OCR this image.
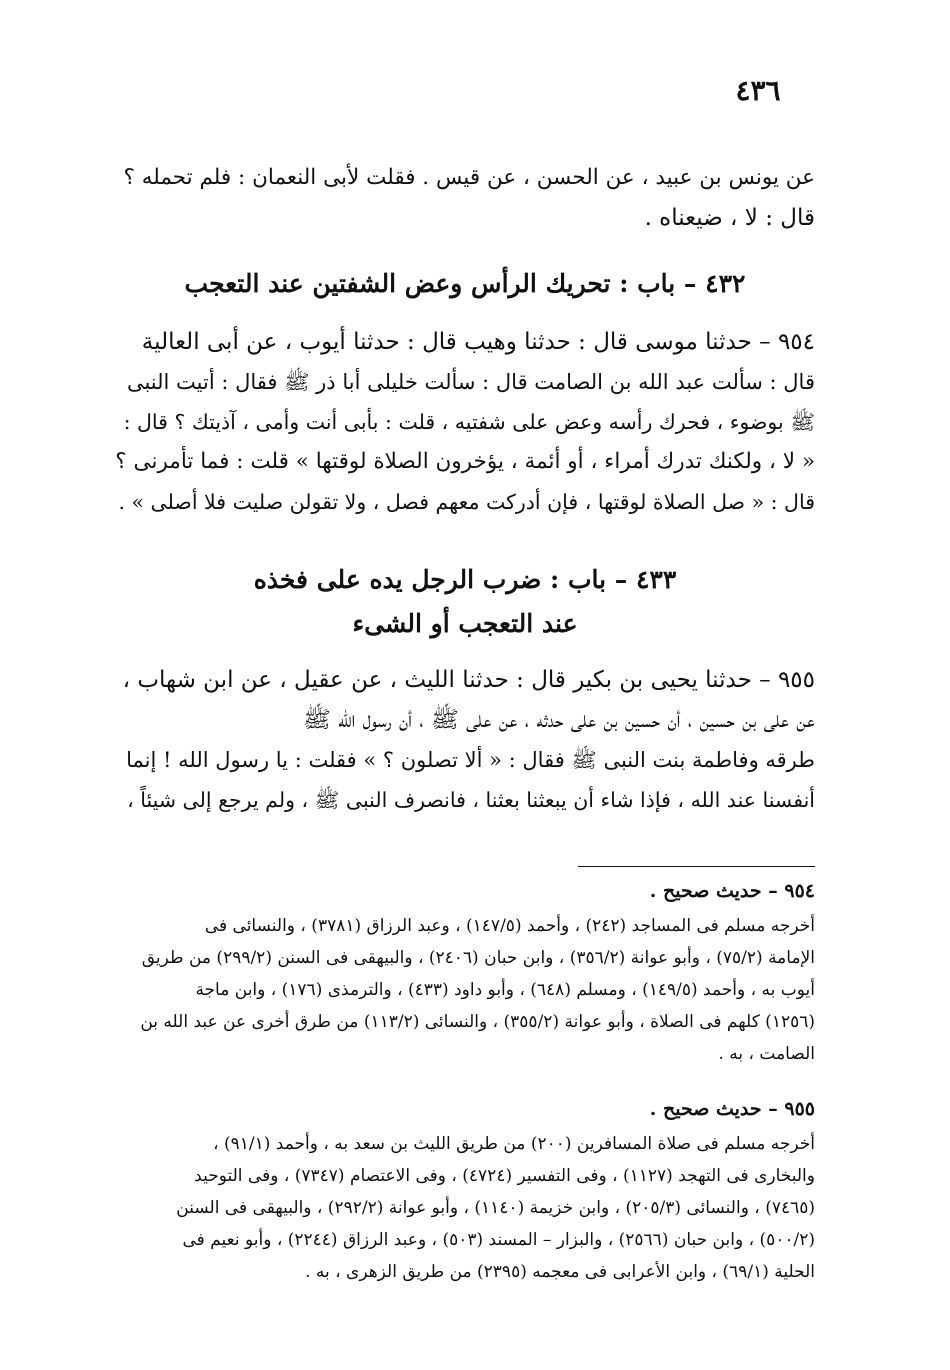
٤٣٦
عن يونس بن عبيد ، عن الحسن ، عن قيس . فقلت لأبى النعمان : فلم تحمله ؟
قال : لا ، ضيعناه .
٤٣٢ – باب : تحريك الرأس وعض الشفتين عند التعجب
٩٥٤ – حدثنا موسى قال : حدثنا وهيب قال : حدثنا أيوب ، عن أبى العالية
قال : سألت عبد الله بن الصامت قال : سألت خليلى أبا ذر ﷺ فقال : أتيت النبى
ﷺ بوضوء ، فحرك رأسه وعض على شفتيه ، قلت : بأبى أنت وأمى ، آذيتك ؟ قال :
« لا ، ولكنك تدرك أمراء ، أو أئمة ، يؤخرون الصلاة لوقتها » قلت : فما تأمرنى ؟
قال : « صل الصلاة لوقتها ، فإن أدركت معهم فصل ، ولا تقولن صليت فلا أصلى » .
٤٣٣ – باب : ضرب الرجل يده على فخذه
عند التعجب أو الشىء
٩٥٥ – حدثنا يحيى بن بكير قال : حدثنا الليث ، عن عقيل ، عن ابن شهاب ،
عن على بن حسين ، أن حسين بن على حدثه ، عن على ﷺ ، أن رسول الله ﷺ
طرقه وفاطمة بنت النبى ﷺ فقال : « ألا تصلون ؟ » فقلت : يا رسول الله ! إنما
أنفسنا عند الله ، فإذا شاء أن يبعثنا بعثنا ، فانصرف النبى ﷺ ، ولم يرجع إلى شيئاً ،
٩٥٤ – حديث صحيح .
أخرجه مسلم فى المساجد (٢٤٢) ، وأحمد (١٤٧/٥) ، وعبد الرزاق (٣٧٨١) ، والنسائى فى
الإمامة (٧٥/٢) ، وأبو عوانة (٣٥٦/٢) ، وابن حبان (٢٤٠٦) ، والبيهقى فى السنن (٢٩٩/٢) من طريق
أيوب به ، وأحمد (١٤٩/٥) ، ومسلم (٦٤٨) ، وأبو داود (٤٣٣) ، والترمذى (١٧٦) ، وابن ماجة
(١٢٥٦) كلهم فى الصلاة ، وأبو عوانة (٣٥٥/٢) ، والنسائى (١١٣/٢) من طرق أخرى عن عبد الله بن
الصامت ، به .
٩٥٥ – حديث صحيح .
أخرجه مسلم فى صلاة المسافرين (٢٠٠) من طريق الليث بن سعد به ، وأحمد (٩١/١) ،
والبخارى فى التهجد (١١٢٧) ، وفى التفسير (٤٧٢٤) ، وفى الاعتصام (٧٣٤٧) ، وفى التوحيد
(٧٤٦٥) ، والنسائى (٢٠٥/٣) ، وابن خزيمة (١١٤٠) ، وأبو عوانة (٢٩٢/٢) ، والبيهقى فى السنن
(٥٠٠/٢) ، وابن حبان (٢٥٦٦) ، والبزار – المسند (٥٠٣) ، وعبد الرزاق (٢٢٤٤) ، وأبو نعيم فى
الحلية (٦٩/١) ، وابن الأعرابى فى معجمه (٢٣٩٥) من طريق الزهرى ، به .
